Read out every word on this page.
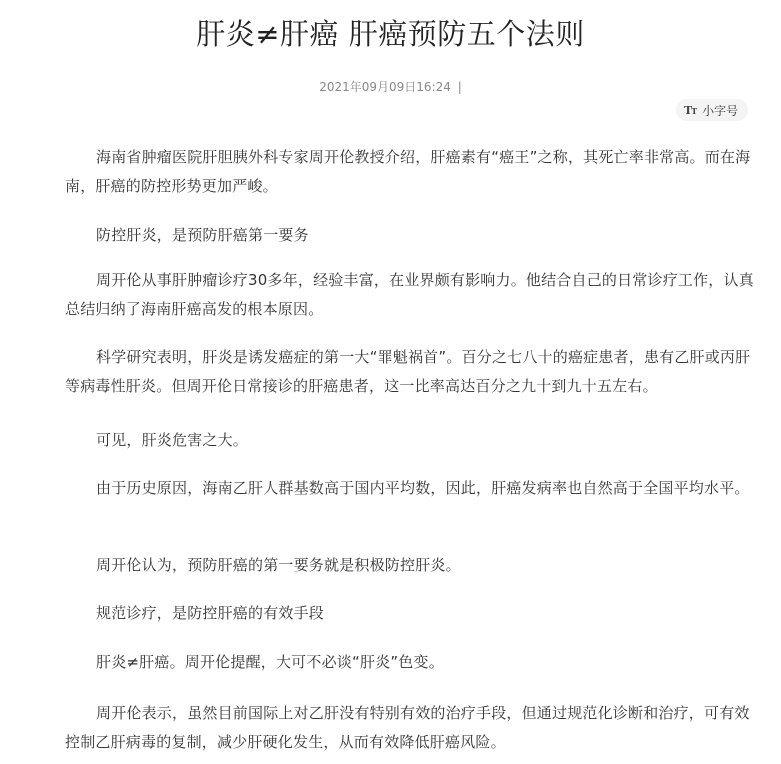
肝炎≠肝癌 肝癌预防五个法则
2021年09月09日16:24 |
TT 小字号

海南省肿瘤医院肝胆胰外科专家周开伦教授介绍，肝癌素有“癌王”之称，其死亡率非常高。而在海南，肝癌的防控形势更加严峻。

防控肝炎，是预防肝癌第一要务

周开伦从事肝肿瘤诊疗30多年，经验丰富，在业界颇有影响力。他结合自己的日常诊疗工作，认真总结归纳了海南肝癌高发的根本原因。

科学研究表明，肝炎是诱发癌症的第一大“罪魁祸首”。百分之七八十的癌症患者，患有乙肝或丙肝等病毒性肝炎。但周开伦日常接诊的肝癌患者，这一比率高达百分之九十到九十五左右。

可见，肝炎危害之大。

由于历史原因，海南乙肝人群基数高于国内平均数，因此，肝癌发病率也自然高于全国平均水平。

周开伦认为，预防肝癌的第一要务就是积极防控肝炎。

规范诊疗，是防控肝癌的有效手段

肝炎≠肝癌。周开伦提醒，大可不必谈“肝炎”色变。

周开伦表示，虽然目前国际上对乙肝没有特别有效的治疗手段，但通过规范化诊断和治疗，可有效控制乙肝病毒的复制，减少肝硬化发生，从而有效降低肝癌风险。
